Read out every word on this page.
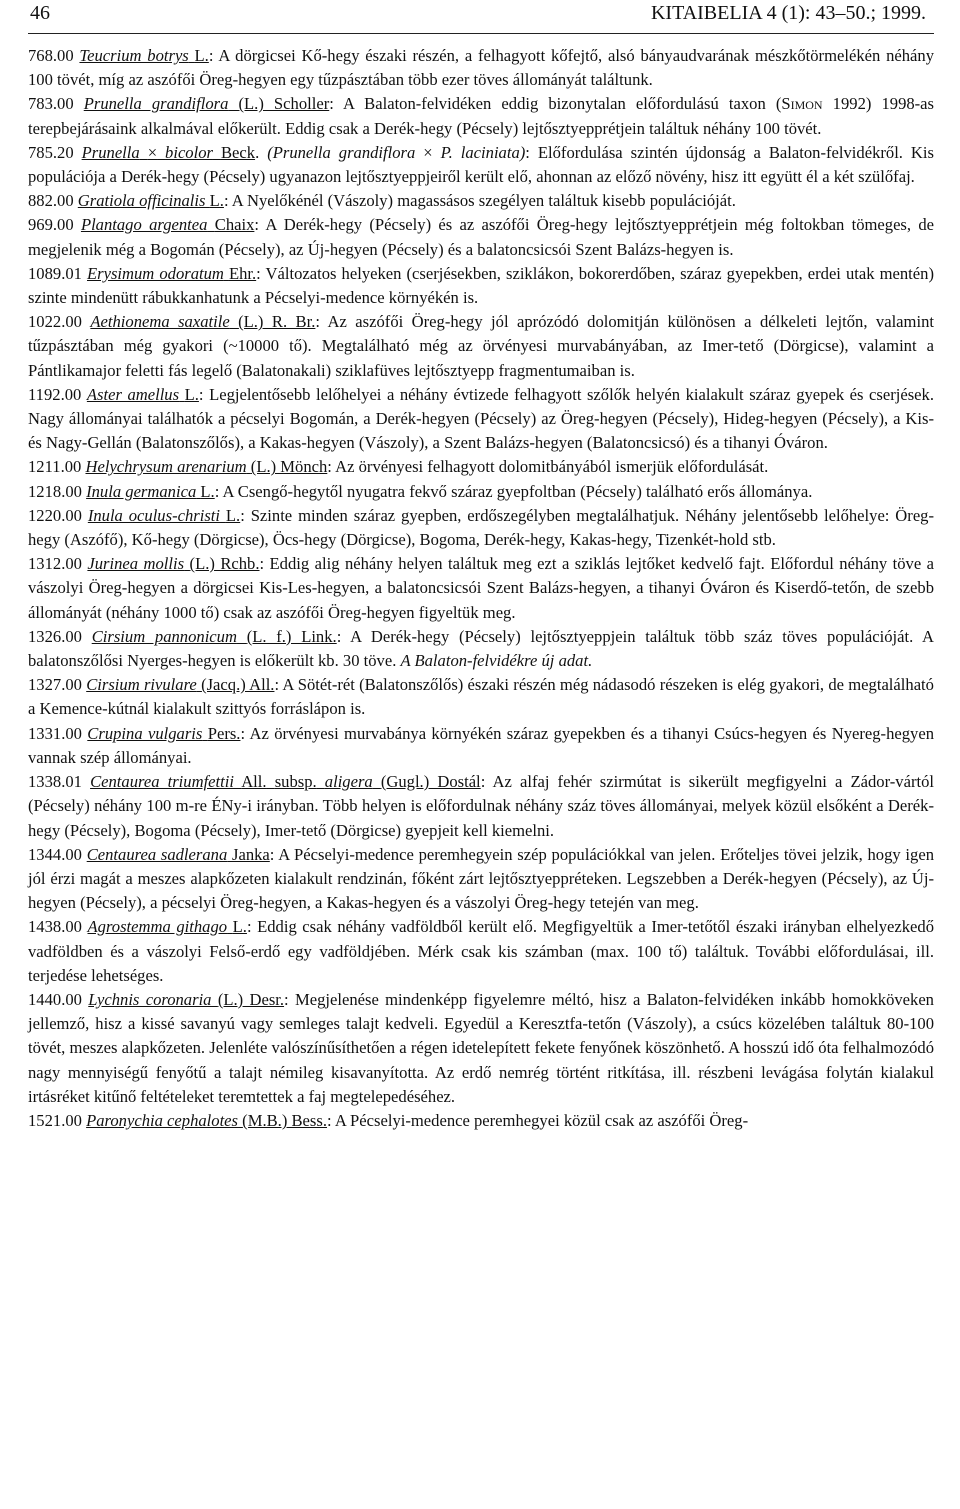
46	KITAIBELIA 4 (1): 43–50.; 1999.

768.00 Teucrium botrys L.: A dörgicsei Kő-hegy északi részén, a felhagyott kőfejtő, alsó bányaudvarának mészkőtörmelékén néhány 100 tövét, míg az aszófői Öreg-hegyen egy tűzpásztában több ezer töves állományát találtunk.

783.00 Prunella grandiflora (L.) Scholler: A Balaton-felvidéken eddig bizonytalan előfordulású taxon (Simon 1992) 1998-as terepbejárásaink alkalmával előkerült. Eddig csak a Derék-hegy (Pécsely) lejtősztyepprétjein találtuk néhány 100 tövét.

785.20 Prunella × bicolor Beck. (Prunella grandiflora × P. laciniata): Előfordulása szintén újdonság a Balaton-felvidékről. Kis populációja a Derék-hegy (Pécsely) ugyanazon lejtősztyeppjeiről került elő, ahonnan az előző növény, hisz itt együtt él a két szülőfaj.

882.00 Gratiola officinalis L.: A Nyelőkénél (Vászoly) magassásos szegélyen találtuk kisebb populációját.

969.00 Plantago argentea Chaix: A Derék-hegy (Pécsely) és az aszófői Öreg-hegy lejtősztyepprétjein még foltokban tömeges, de megjelenik még a Bogomán (Pécsely), az Új-hegyen (Pécsely) és a balatoncsicsói Szent Balázs-hegyen is.

1089.01 Erysimum odoratum Ehr.: Változatos helyeken (cserjésekben, sziklákon, bokorerdőben, száraz gyepekben, erdei utak mentén) szinte mindenütt rábukkanhatunk a Pécselyi-medence környékén is.

1022.00 Aethionema saxatile (L.) R. Br.: Az aszófői Öreg-hegy jól aprózódó dolomitján különösen a délkeleti lejtőn, valamint tűzpásztában még gyakori (~10000 tő). Megtalálható még az örvényesi murvabányában, az Imer-tető (Dörgicse), valamint a Pántlikamajor feletti fás legelő (Balatonakali) sziklafüves lejtősztyepp fragmentumaiban is.

1192.00 Aster amellus L.: Legjelentősebb lelőhelyei a néhány évtizede felhagyott szőlők helyén kialakult száraz gyepek és cserjések. Nagy állományai találhatók a pécselyi Bogomán, a Derék-hegyen (Pécsely) az Öreg-hegyen (Pécsely), Hideg-hegyen (Pécsely), a Kis- és Nagy-Gellán (Balatonszőlős), a Kakas-hegyen (Vászoly), a Szent Balázs-hegyen (Balatoncsicsó) és a tihanyi Óváron.

1211.00 Helychrysum arenarium (L.) Mönch: Az örvényesi felhagyott dolomitbányából ismerjük előfordulását.

1218.00 Inula germanica L.: A Csengő-hegytől nyugatra fekvő száraz gyepfoltban (Pécsely) található erős állománya.

1220.00 Inula oculus-christi L.: Szinte minden száraz gyepben, erdőszegélyben megtalálhatjuk. Néhány jelentősebb lelőhelye: Öreg-hegy (Aszófő), Kő-hegy (Dörgicse), Öcs-hegy (Dörgicse), Bogoma, Derék-hegy, Kakas-hegy, Tizenkét-hold stb.

1312.00 Jurinea mollis (L.) Rchb.: Eddig alig néhány helyen találtuk meg ezt a sziklás lejtőket kedvelő fajt. Előfordul néhány töve a vászolyi Öreg-hegyen a dörgicsei Kis-Les-hegyen, a balatoncsicsói Szent Balázs-hegyen, a tihanyi Óváron és Kiserdő-tetőn, de szebb állományát (néhány 1000 tő) csak az aszófői Öreg-hegyen figyeltük meg.

1326.00 Cirsium pannonicum (L. f.) Link.: A Derék-hegy (Pécsely) lejtősztyeppjein találtuk több száz töves populációját. A balatonszőlősi Nyerges-hegyen is előkerült kb. 30 töve. A Balaton-felvidékre új adat.

1327.00 Cirsium rivulare (Jacq.) All.: A Sötét-rét (Balatonszőlős) északi részén még nádasodó részeken is elég gyakori, de megtalálható a Kemence-kútnál kialakult szittyós forráslápon is.

1331.00 Crupina vulgaris Pers.: Az örvényesi murvabánya környékén száraz gyepekben és a tihanyi Csúcs-hegyen és Nyereg-hegyen vannak szép állományai.

1338.01 Centaurea triumfettii All. subsp. aligera (Gugl.) Dostál: Az alfaj fehér szirmútat is sikerült megfigyelni a Zádor-vártól (Pécsely) néhány 100 m-re ÉNy-i irányban. Több helyen is előfordulnak néhány száz töves állományai, melyek közül elsőként a Derék-hegy (Pécsely), Bogoma (Pécsely), Imer-tető (Dörgicse) gyepjeit kell kiemelni.

1344.00 Centaurea sadlerana Janka: A Pécselyi-medence peremhegyein szép populációkkal van jelen. Erőteljes tövei jelzik, hogy igen jól érzi magát a meszes alapkőzeten kialakult rendzinán, főként zárt lejtősztyeppréteken. Legszebben a Derék-hegyen (Pécsely), az Új-hegyen (Pécsely), a pécselyi Öreg-hegyen, a Kakas-hegyen és a vászolyi Öreg-hegy tetején van meg.

1438.00 Agrostemma githago L.: Eddig csak néhány vadföldből került elő. Megfigyeltük a Imer-tetőtől északi irányban elhelyezkedő vadföldben és a vászolyi Felső-erdő egy vadföldjében. Mérk csak kis számban (max. 100 tő) találtuk. További előfordulásai, ill. terjedése lehetséges.

1440.00 Lychnis coronaria (L.) Desr.: Megjelenése mindenképp figyelemre méltó, hisz a Balaton-felvidéken inkább homokköveken jellemző, hisz a kissé savanyú vagy semleges talajt kedveli. Egyedül a Keresztfa-tetőn (Vászoly), a csúcs közelében találtuk 80-100 tövét, meszes alapkőzeten. Jelenléte valószínűsíthetően a régen idetelepített fekete fenyőnek köszönhető. A hosszú idő óta felhalmozódó nagy mennyiségű fenyőtű a talajt némileg kisavanyította. Az erdő nemrég történt ritkítása, ill. részbeni levágása folytán kialakul irtásréket kitűnő feltételeket teremtettek a faj megtelepedéséhez.

1521.00 Paronychia cephalotes (M.B.) Bess.: A Pécselyi-medence peremhegyei közül csak az aszófői Öreg-
